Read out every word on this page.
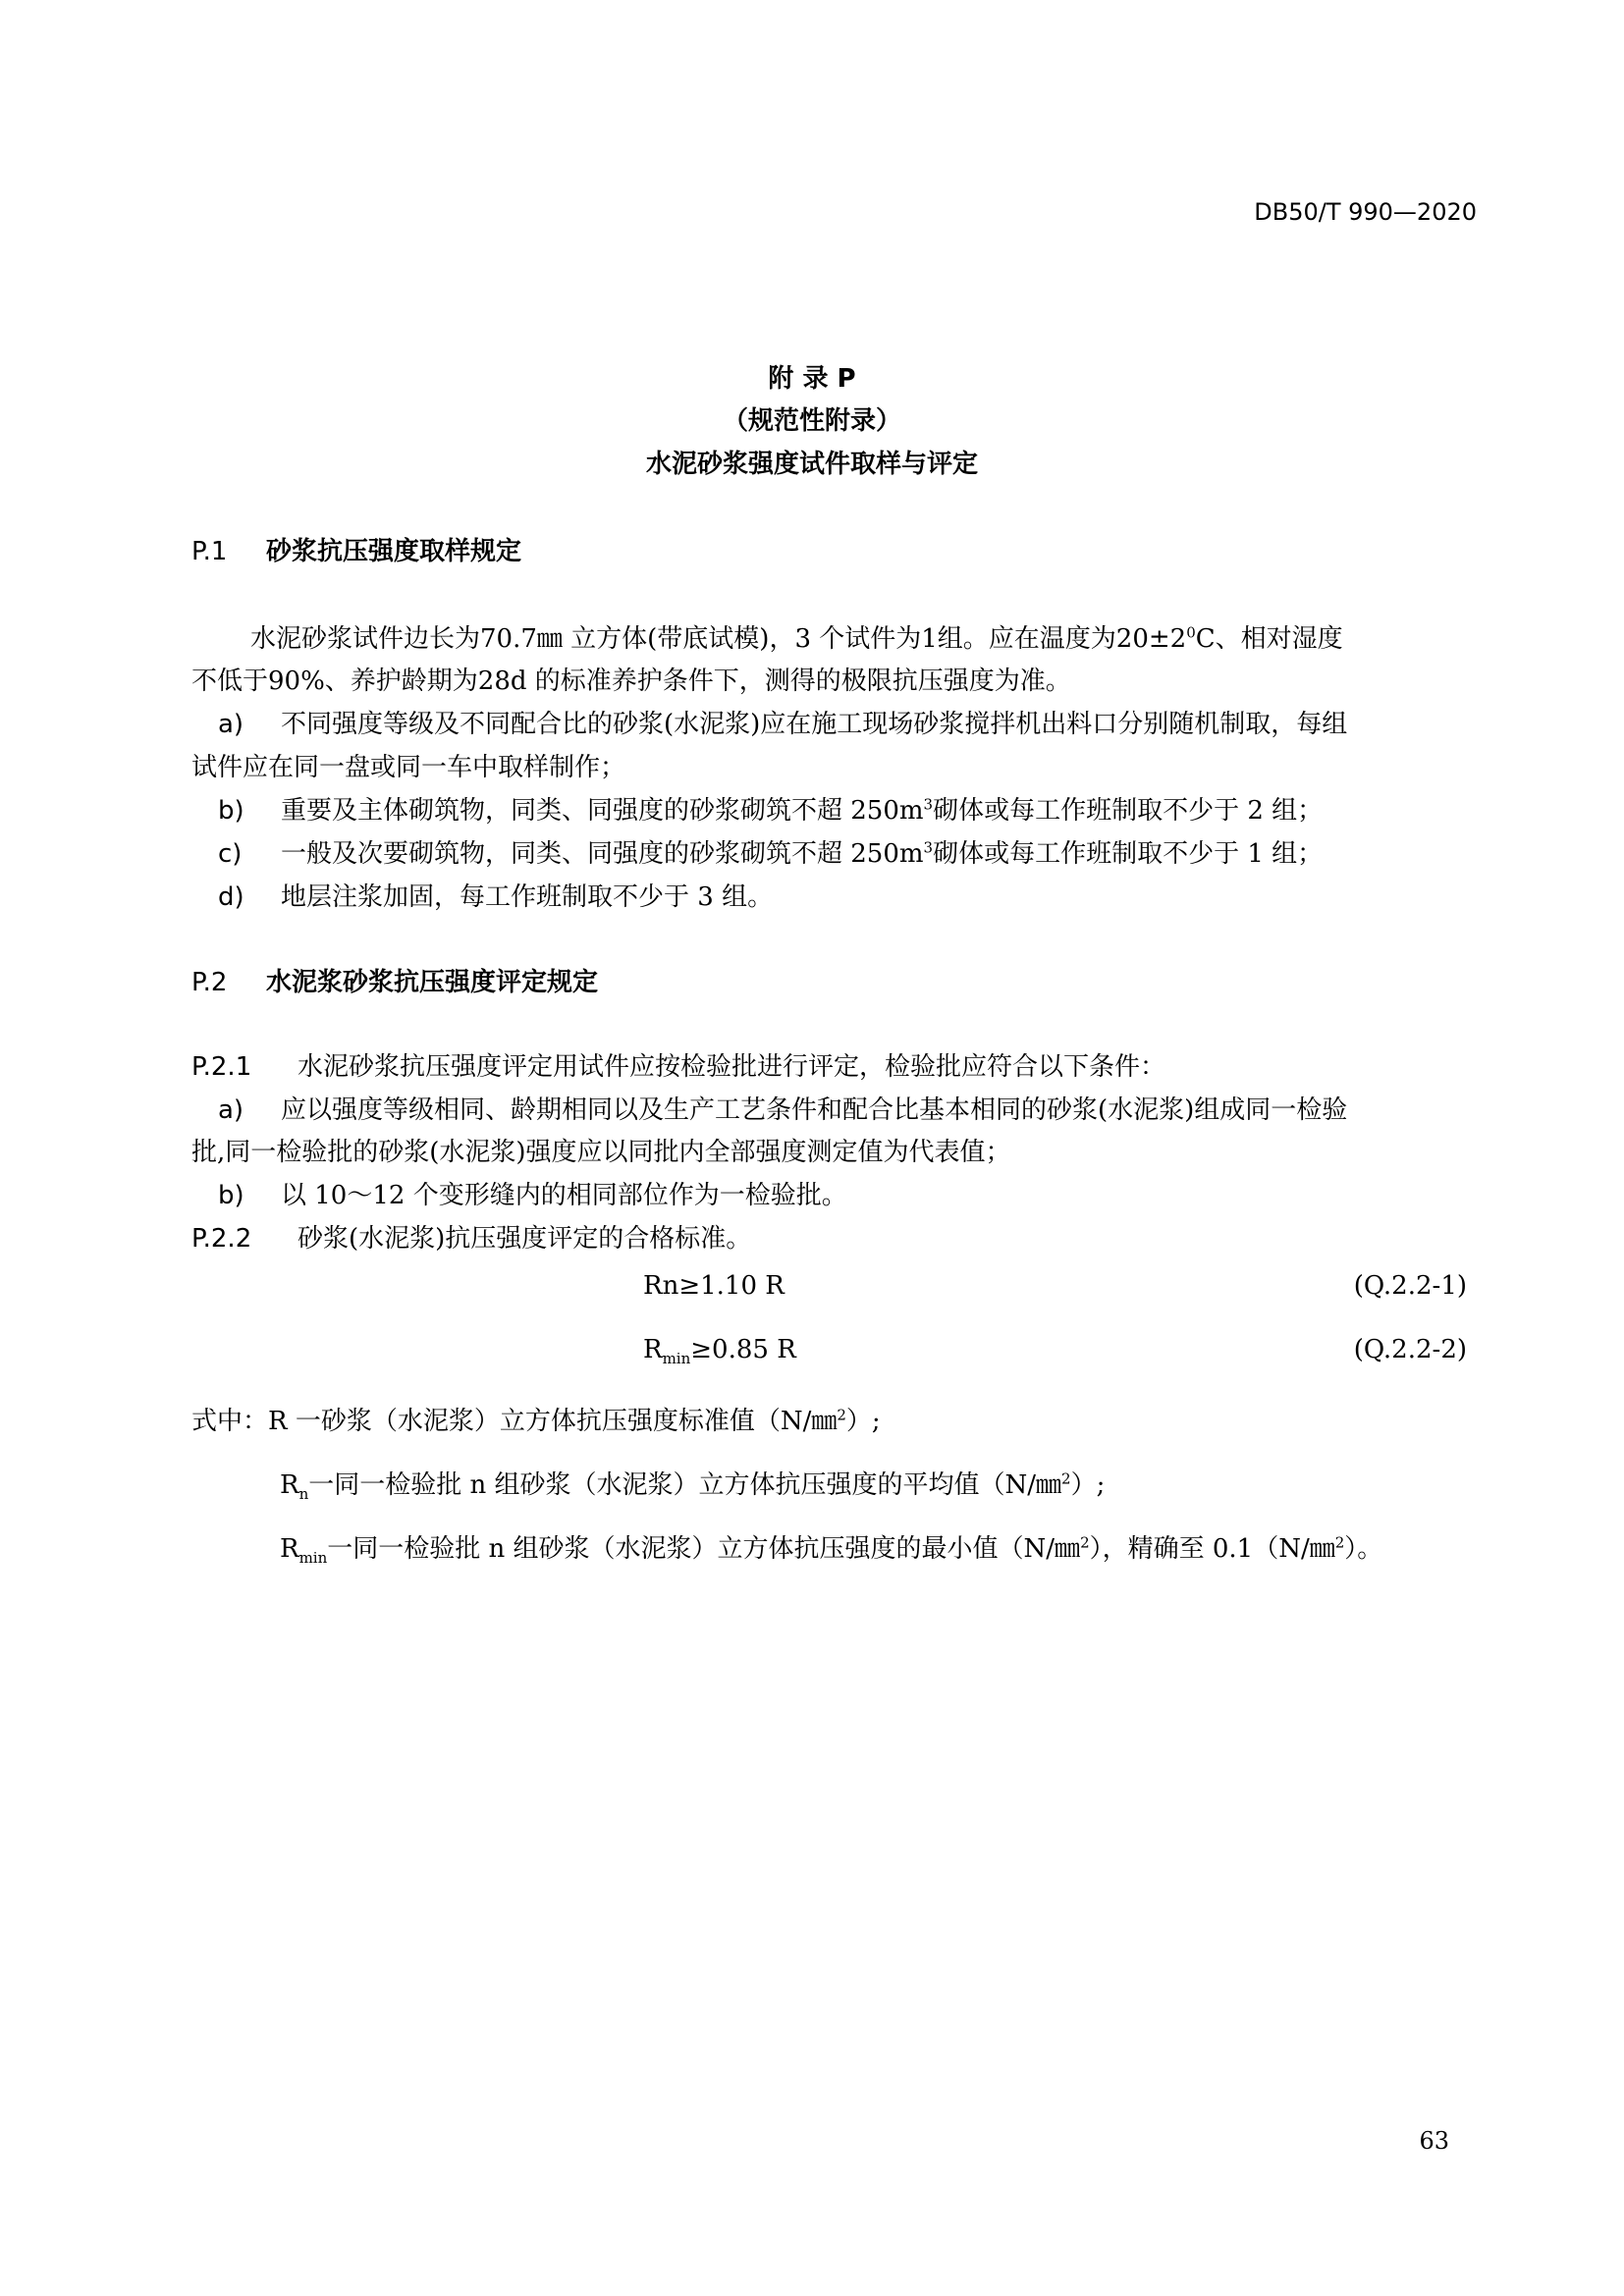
DB50/T 990—2020
附 录 P
（规范性附录）
水泥砂浆强度试件取样与评定
P.1 砂浆抗压强度取样规定
水泥砂浆试件边长为70.7㎜ 立方体(带底试模)，3 个试件为1组。应在温度为$20\pm 2^0C$、相对湿度
不低于90%、养护龄期为28d 的标准养护条件下，测得的极限抗压强度为准。
a) 不同强度等级及不同配合比的砂浆(水泥浆)应在施工现场砂浆搅拌机出料口分别随机制取，每组
试件应在同一盘或同一车中取样制作；
b) 重要及主体砌筑物，同类、同强度的砂浆砌筑不超 $250m^3$砌体或每工作班制取不少于 2 组；
c) 一般及次要砌筑物，同类、同强度的砂浆砌筑不超 $250m^3$砌体或每工作班制取不少于 1 组；
d) 地层注浆加固，每工作班制取不少于 3 组。
P.2 水泥浆砂浆抗压强度评定规定
P.2.1 水泥砂浆抗压强度评定用试件应按检验批进行评定，检验批应符合以下条件：
a) 应以强度等级相同、龄期相同以及生产工艺条件和配合比基本相同的砂浆(水泥浆)组成同一检验
批,同一检验批的砂浆(水泥浆)强度应以同批内全部强度测定值为代表值；
b) 以 10～12 个变形缝内的相同部位作为一检验批。
P.2.2 砂浆(水泥浆)抗压强度评定的合格标准。
Rn≥1.10 R	(Q.2.2-1)
$R_{min}\ge 0.85$ R	(Q.2.2-2)
式中：R 一砂浆（水泥浆）立方体抗压强度标准值（N/㎜$^2$）;
$R_n$一同一检验批 n 组砂浆（水泥浆）立方体抗压强度的平均值（N/㎜$^2$）;
$R_{min}$一同一检验批 n 组砂浆（水泥浆）立方体抗压强度的最小值（N/㎜$^2$），精确至 0.1（N/㎜$^2$）。
63
